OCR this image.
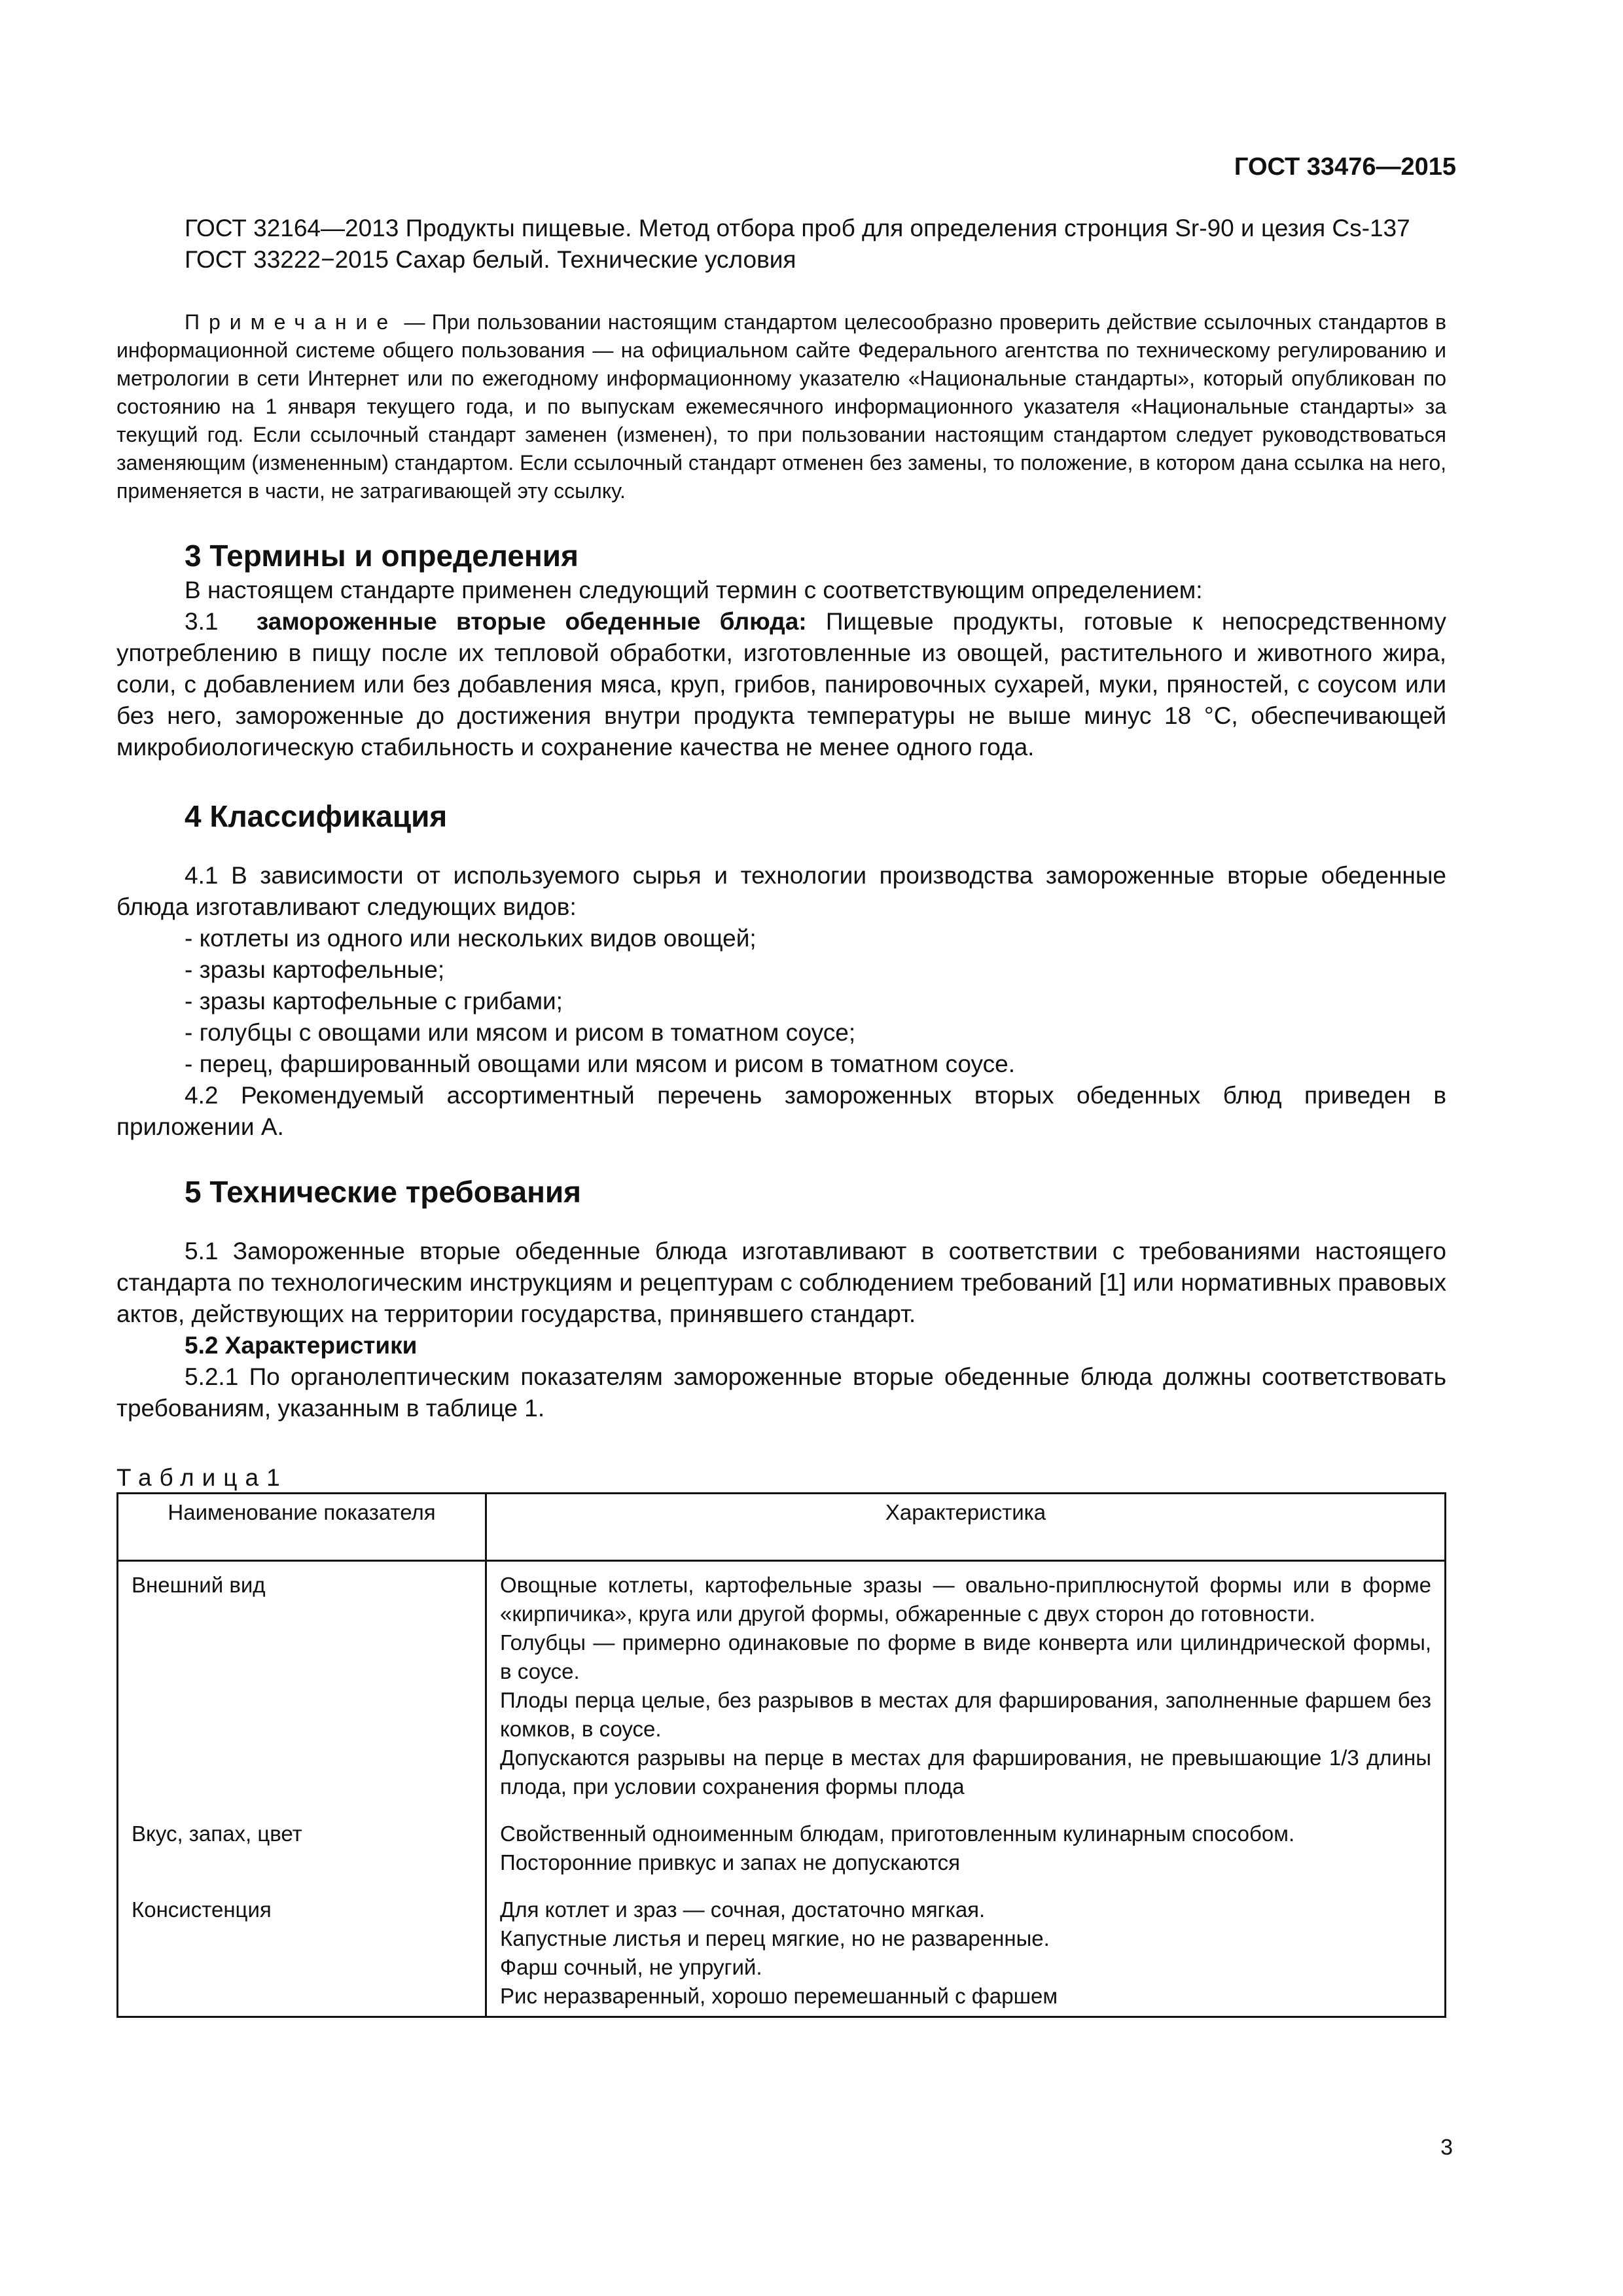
ГОСТ 33476—2015

ГОСТ 32164—2013 Продукты пищевые. Метод отбора проб для определения стронция Sr-90 и цезия Cs-137

ГОСТ 33222−2015 Сахар белый. Технические условия

Примечание — При пользовании настоящим стандартом целесообразно проверить действие ссылочных стандартов в информационной системе общего пользования — на официальном сайте Федерального агентства по техническому регулированию и метрологии в сети Интернет или по ежегодному информационному указателю «Национальные стандарты», который опубликован по состоянию на 1 января текущего года, и по выпускам ежемесячного информационного указателя «Национальные стандарты» за текущий год. Если ссылочный стандарт заменен (изменен), то при пользовании настоящим стандартом следует руководствоваться заменяющим (измененным) стандартом. Если ссылочный стандарт отменен без замены, то положение, в котором дана ссылка на него, применяется в части, не затрагивающей эту ссылку.

3 Термины и определения

В настоящем стандарте применен следующий термин с соответствующим определением:

3.1 замороженные вторые обеденные блюда: Пищевые продукты, готовые к непосредственному употреблению в пищу после их тепловой обработки, изготовленные из овощей, растительного и животного жира, соли, с добавлением или без добавления мяса, круп, грибов, панировочных сухарей, муки, пряностей, с соусом или без него, замороженные до достижения внутри продукта температуры не выше минус 18 °С, обеспечивающей микробиологическую стабильность и сохранение качества не менее одного года.

4 Классификация

4.1 В зависимости от используемого сырья и технологии производства замороженные вторые обеденные блюда изготавливают следующих видов:

- котлеты из одного или нескольких видов овощей;

- зразы картофельные;

- зразы картофельные с грибами;

- голубцы с овощами или мясом и рисом в томатном соусе;

- перец, фаршированный овощами или мясом и рисом в томатном соусе.

4.2 Рекомендуемый ассортиментный перечень замороженных вторых обеденных блюд приведен в приложении А.

5 Технические требования

5.1 Замороженные вторые обеденные блюда изготавливают в соответствии с требованиями настоящего стандарта по технологическим инструкциям и рецептурам с соблюдением требований [1] или нормативных правовых актов, действующих на территории государства, принявшего стандарт.

5.2 Характеристики

5.2.1 По органолептическим показателям замороженные вторые обеденные блюда должны соответствовать требованиям, указанным в таблице 1.

Таблица1

Наименование показателя	Характеристика
Внешний вид	Овощные котлеты, картофельные зразы — овально-приплюснутой формы или в форме «кирпичика», круга или другой формы, обжаренные с двух сторон до готовности.
Голубцы — примерно одинаковые по форме в виде конверта или цилиндрической формы, в соусе.
Плоды перца целые, без разрывов в местах для фарширования, заполненные фаршем без комков, в соусе.
Допускаются разрывы на перце в местах для фарширования, не превышающие 1/3 длины плода, при условии сохранения формы плода

Вкус, запах, цвет	Свойственный одноименным блюдам, приготовленным кулинарным способом.
Посторонние привкус и запах не допускаются

Консистенция	Для котлет и зраз — сочная, достаточно мягкая.
Капустные листья и перец мягкие, но не разваренные.
Фарш сочный, не упругий.
Рис неразваренный, хорошо перемешанный с фаршем
3
